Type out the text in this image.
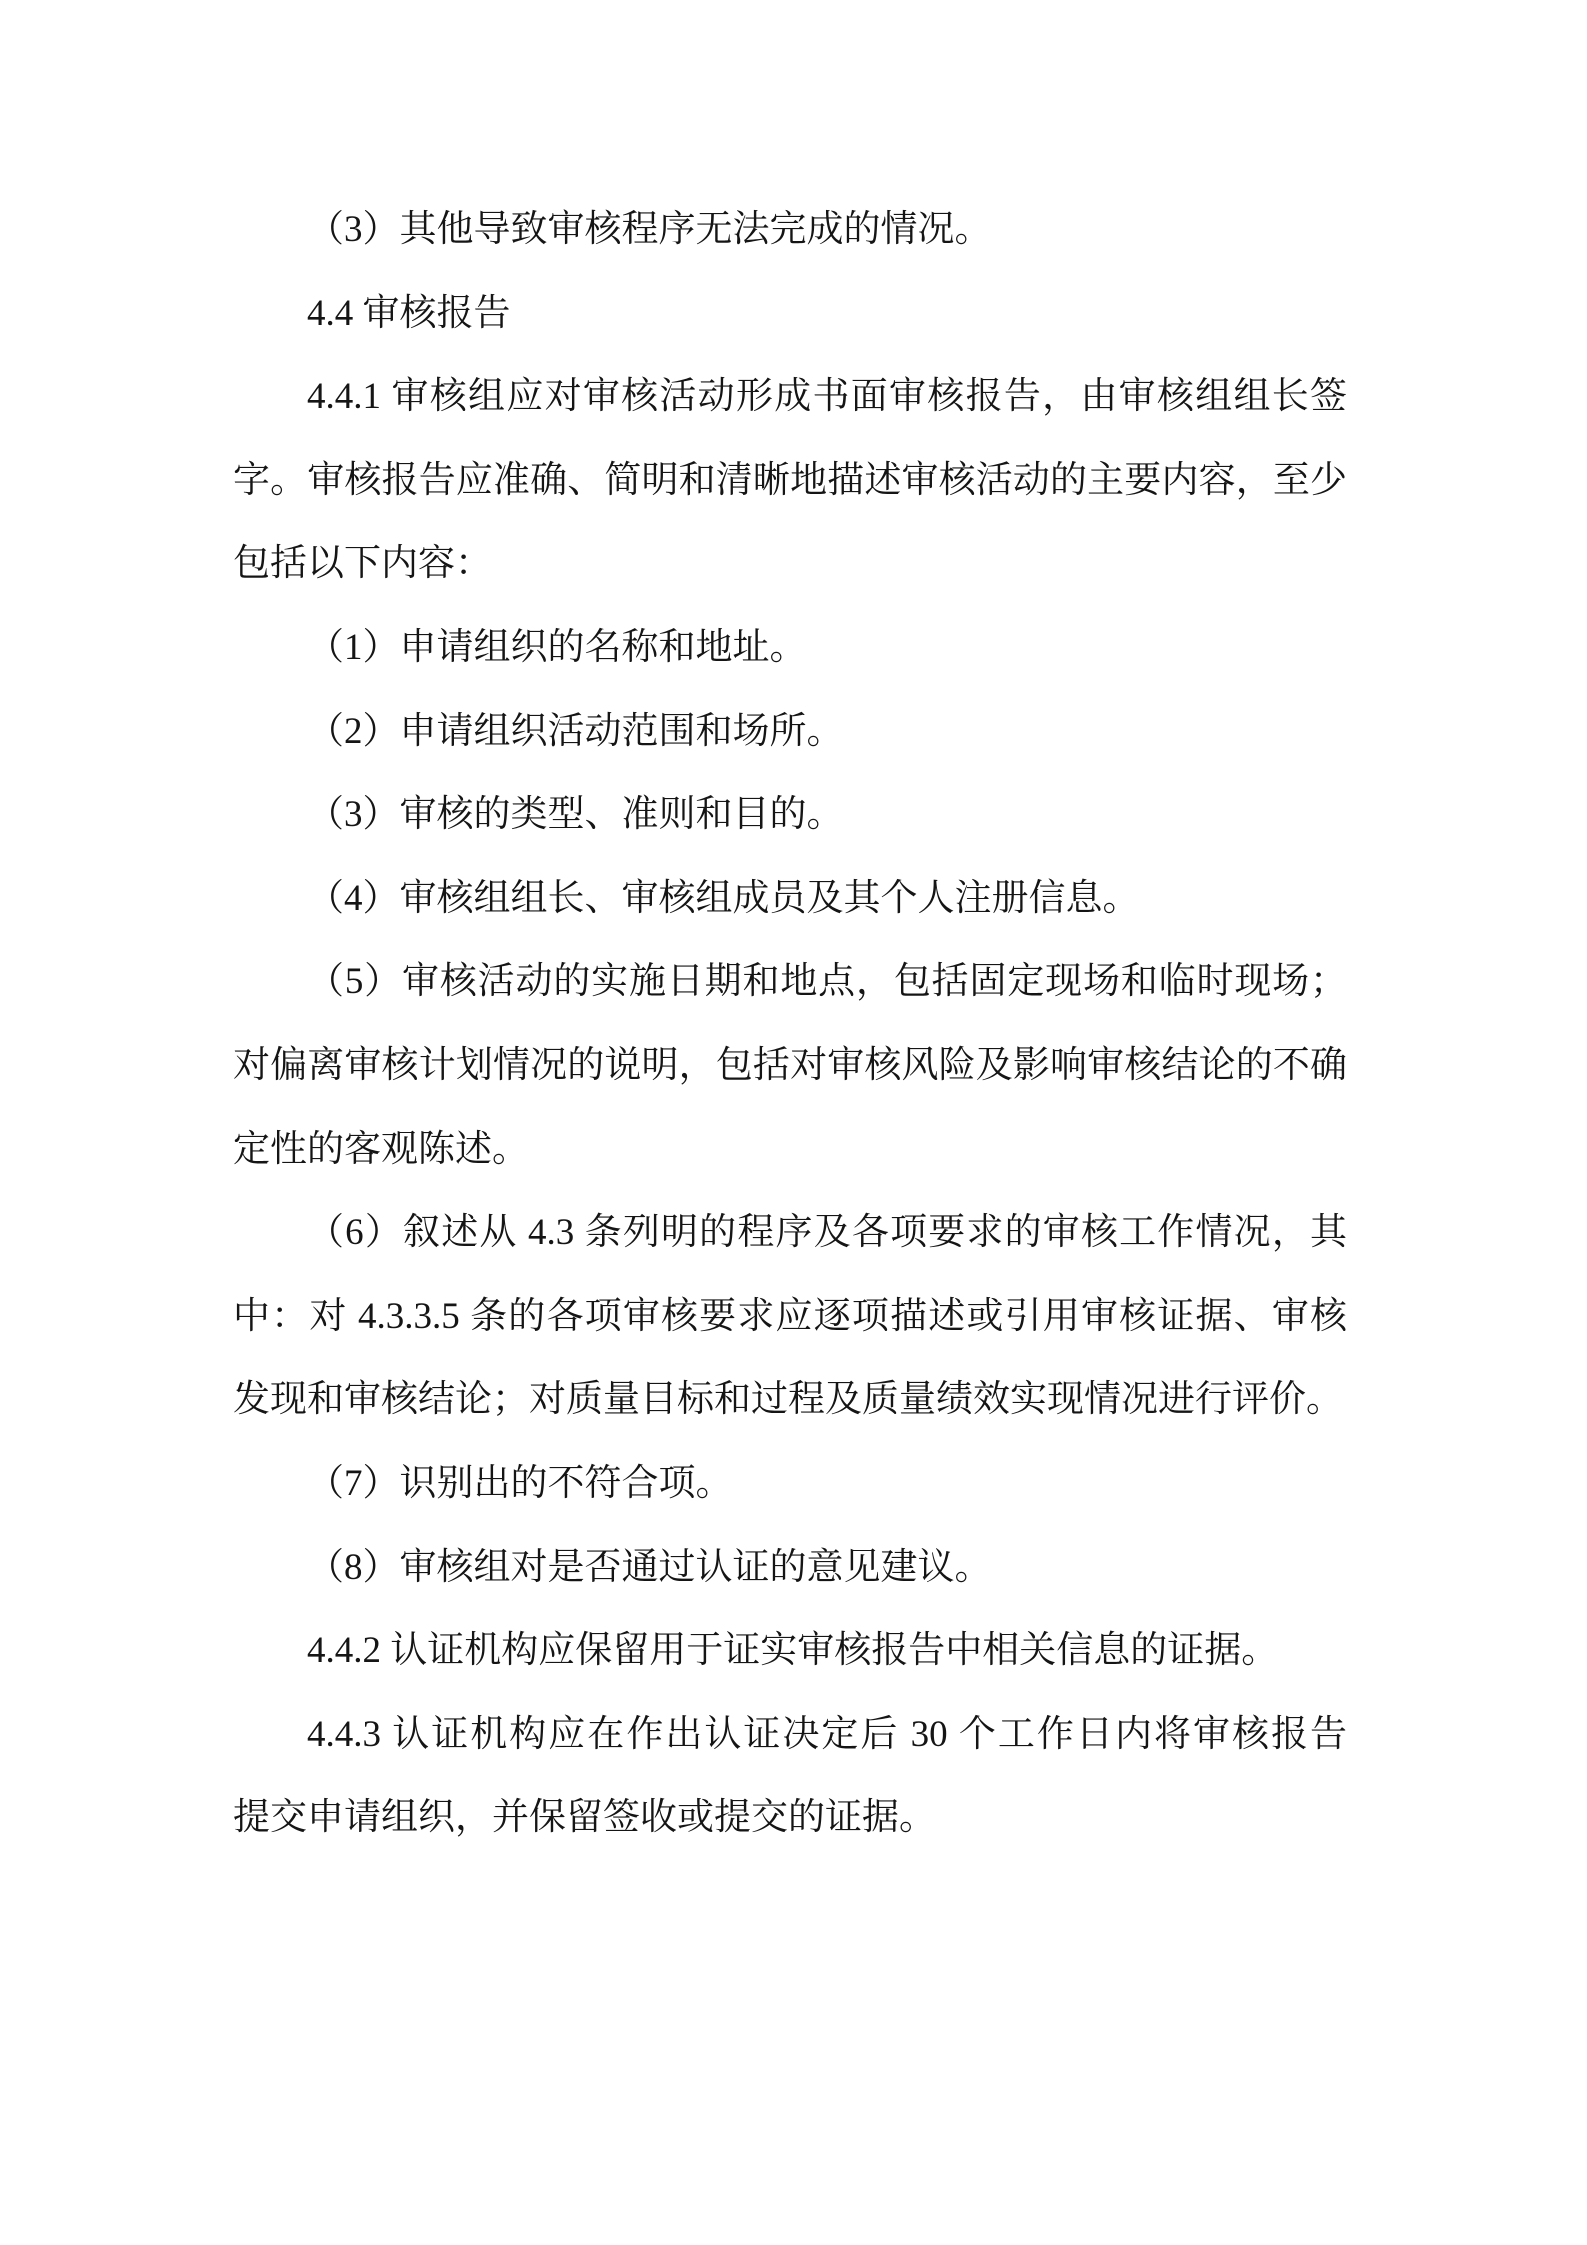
（3）其他导致审核程序无法完成的情况。
4.4 审核报告
4.4.1 审核组应对审核活动形成书面审核报告，由审核组组长签
字。审核报告应准确、简明和清晰地描述审核活动的主要内容，至少
包括以下内容：
（1）申请组织的名称和地址。
（2）申请组织活动范围和场所。
（3）审核的类型、准则和目的。
（4）审核组组长、审核组成员及其个人注册信息。
（5）审核活动的实施日期和地点，包括固定现场和临时现场；
对偏离审核计划情况的说明，包括对审核风险及影响审核结论的不确
定性的客观陈述。
（6）叙述从 4.3 条列明的程序及各项要求的审核工作情况，其
中：对 4.3.3.5 条的各项审核要求应逐项描述或引用审核证据、审核
发现和审核结论；对质量目标和过程及质量绩效实现情况进行评价。
（7）识别出的不符合项。
（8）审核组对是否通过认证的意见建议。
4.4.2 认证机构应保留用于证实审核报告中相关信息的证据。
4.4.3 认证机构应在作出认证决定后 30 个工作日内将审核报告
提交申请组织，并保留签收或提交的证据。
